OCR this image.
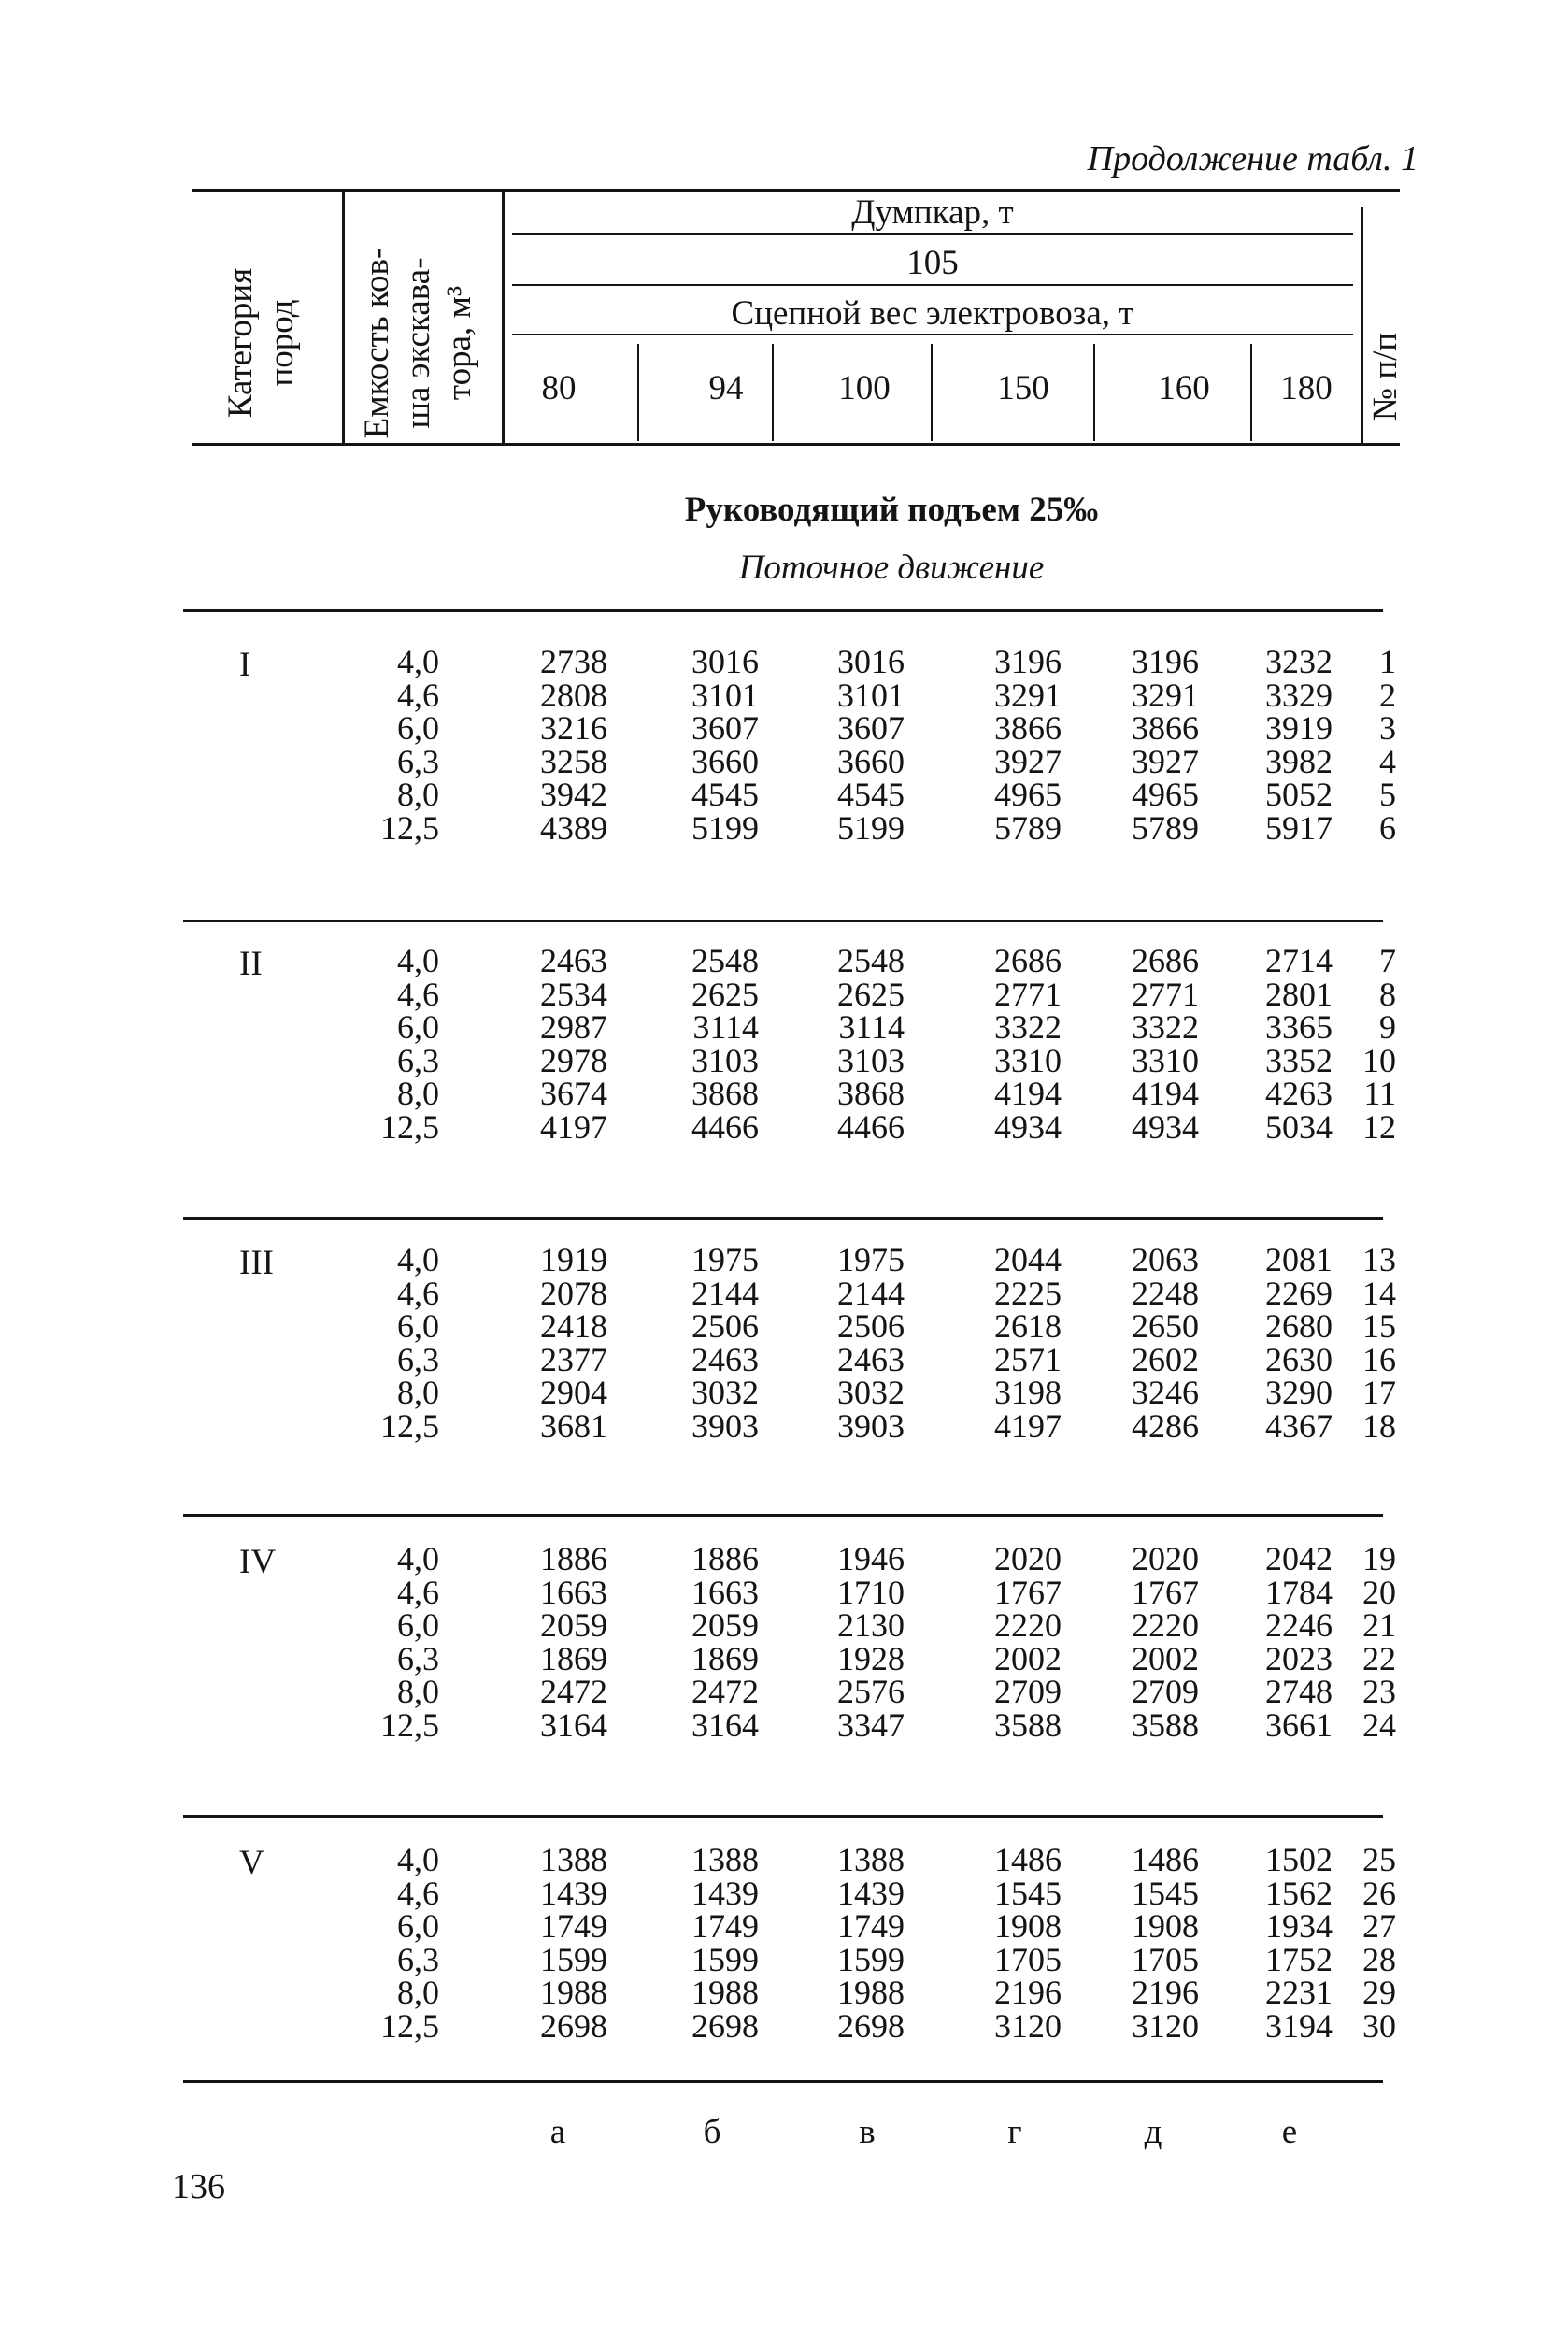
Продолжение табл. 1
Категория пород Емкость ков- ша экскава- тора, м³	№ п/п
Думпкар, т
105
Сцепной вес электровоза, т
80	94	100	150	160	180
Руководящий подъем 25‰
Поточное движение
I	4,0	2738	3016	3016	3196	3196	3232	1
4,6	2808	3101	3101	3291	3291	3329	2
6,0	3216	3607	3607	3866	3866	3919	3
6,3	3258	3660	3660	3927	3927	3982	4
8,0	3942	4545	4545	4965	4965	5052	5
12,5	4389	5199	5199	5789	5789	5917	6
II	4,0	2463	2548	2548	2686	2686	2714	7
4,6	2534	2625	2625	2771	2771	2801	8
6,0	2987	3114	3114	3322	3322	3365	9
6,3	2978	3103	3103	3310	3310	3352 10
8,0	3674	3868	3868	4194	4194	4263 11
12,5	4197	4466	4466	4934	4934	5034 12
III	4,0	1919	1975	1975	2044	2063	2081 13
4,6	2078	2144	2144	2225	2248	2269 14
6,0	2418	2506	2506	2618	2650	2680 15
6,3	2377	2463	2463	2571	2602	2630 16
8,0	2904	3032	3032	3198	3246	3290 17
12,5	3681	3903	3903	4197	4286	4367 18
IV	4,0	1886	1886	1946	2020	2020	2042 19
4,6	1663	1663	1710	1767	1767	1784 20
6,0	2059	2059	2130	2220	2220	2246 21
6,3	1869	1869	1928	2002	2002	2023 22
8,0	2472	2472	2576	2709	2709	2748 23
12,5	3164	3164	3347	3588	3588	3661 24
V	4,0	1388	1388	1388	1486	1486	1502 25
4,6	1439	1439	1439	1545	1545	1562 26
6,0	1749	1749	1749	1908	1908	1934 27
6,3	1599	1599	1599	1705	1705	1752 28
8,0	1988	1988	1988	2196	2196	2231 29
12,5	2698	2698	2698	3120	3120	3194 30
а	б	в	г	д	е
136
